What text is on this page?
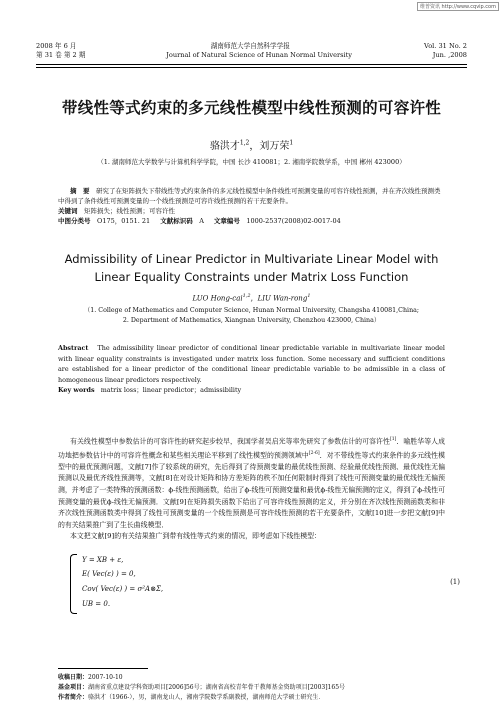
维普资讯 http://www.cqvip.com
2008 年 6 月	湖南师范大学自然科学学报	Vol. 31 No. 2
第 31 卷 第 2 期	Journal of Natural Science of Hunan Normal University	Jun. ,2008
带线性等式约束的多元线性模型中线性预测的可容许性
骆洪才$^{1,2}$，刘万荣$^1$
（1. 湖南师范大学数学与计算机科学学院，中国 长沙 410081；2. 湘南学院数学系，中国 郴州 423000）

摘　要　 研究了在矩阵损失下带线性等式约束条件的多元线性模型中条件线性可预测变量的可容许线性预测，并在齐次线性预测类中得到了条件线性可预测变量的一个线性预测是可容许线性预测的若干充要条件。

关键词　 矩阵损失；线性预测；可容许性

中图分类号　 O175，0151. 21 文献标识码　 A 文章编号　 1000-2537(2008)02-0017-04

Admissibility of Linear Predictor in Multivariate Linear Model with
Linear Equality Constraints under Matrix Loss Function
LUO Hong-cai$^{1,2}$，LIU Wan-rong$^1$
（1. College of Mathematics and Computer Science, Hunan Normal University, Changsha 410081,China;
2. Department of Mathematics, Xiangnan University, Chenzhou 423000, China）

Abstract The admissibility linear predictor of conditional linear predictable variable in multivariate linear model with linear equality constraints is investigated under matrix loss function. Some necessary and sufficient conditions are established for a linear predictor of the conditional linear predictable variable to be admissible in a class of homogeneous linear predictors respectively.

Key words matrix loss；linear predictor；admissibility

有关线性模型中参数估计的可容许性的研究起步较早，我国学者吴启光等率先研究了参数估计的可容许性[1]．喻胜华等人成功地把参数估计中的可容许性概念和某些相关理论平移到了线性模型的预测领域中[2-6]．对不带线性等式约束条件的多元线性模型中的最优预测问题，文献[7]作了较系统的研究，先后得到了待预测变量的最优线性预测、经验最优线性预测、最优线性无偏预测以及最优齐线性预测等，文献[8]在对设计矩阵和协方差矩阵的秩不加任何限制时得到了线性可预测变量的最优线性无偏预测，并考虑了一类特殊的预测函数：ϕ-线性预测函数，给出了ϕ-线性可预测变量和最优ϕ-线性无偏预测的定义，得到了ϕ-线性可预测变量的最优ϕ-线性无偏预测．文献[9]在矩阵损失函数下给出了可容许线性预测的定义，并分别在齐次线性预测函数类和非齐次线性预测函数类中得到了线性可预测变量的一个线性预测是可容许线性预测的若干充要条件，文献[10]进一步把文献[9]中的有关结果推广到了生长曲线模型．

本文把文献[9]的有关结果推广到带有线性等式约束的情况，即考虑如下线性模型：

Y = XB + ε,
E( Vec(ε) ) = 0,
Cov( Vec(ε) ) = σ²A⊗Σ,
UB = 0.
(1)

收稿日期：2007-10-10

基金项目：湖南省重点建设学科资助项目[2006]56号；湖南省高校青年骨干教师基金资助项目[2003]165号

作者简介：骆洪才（1966-），男，湖南龙山人，湘南学院数学系副教授，湖南师范大学硕士研究生．
